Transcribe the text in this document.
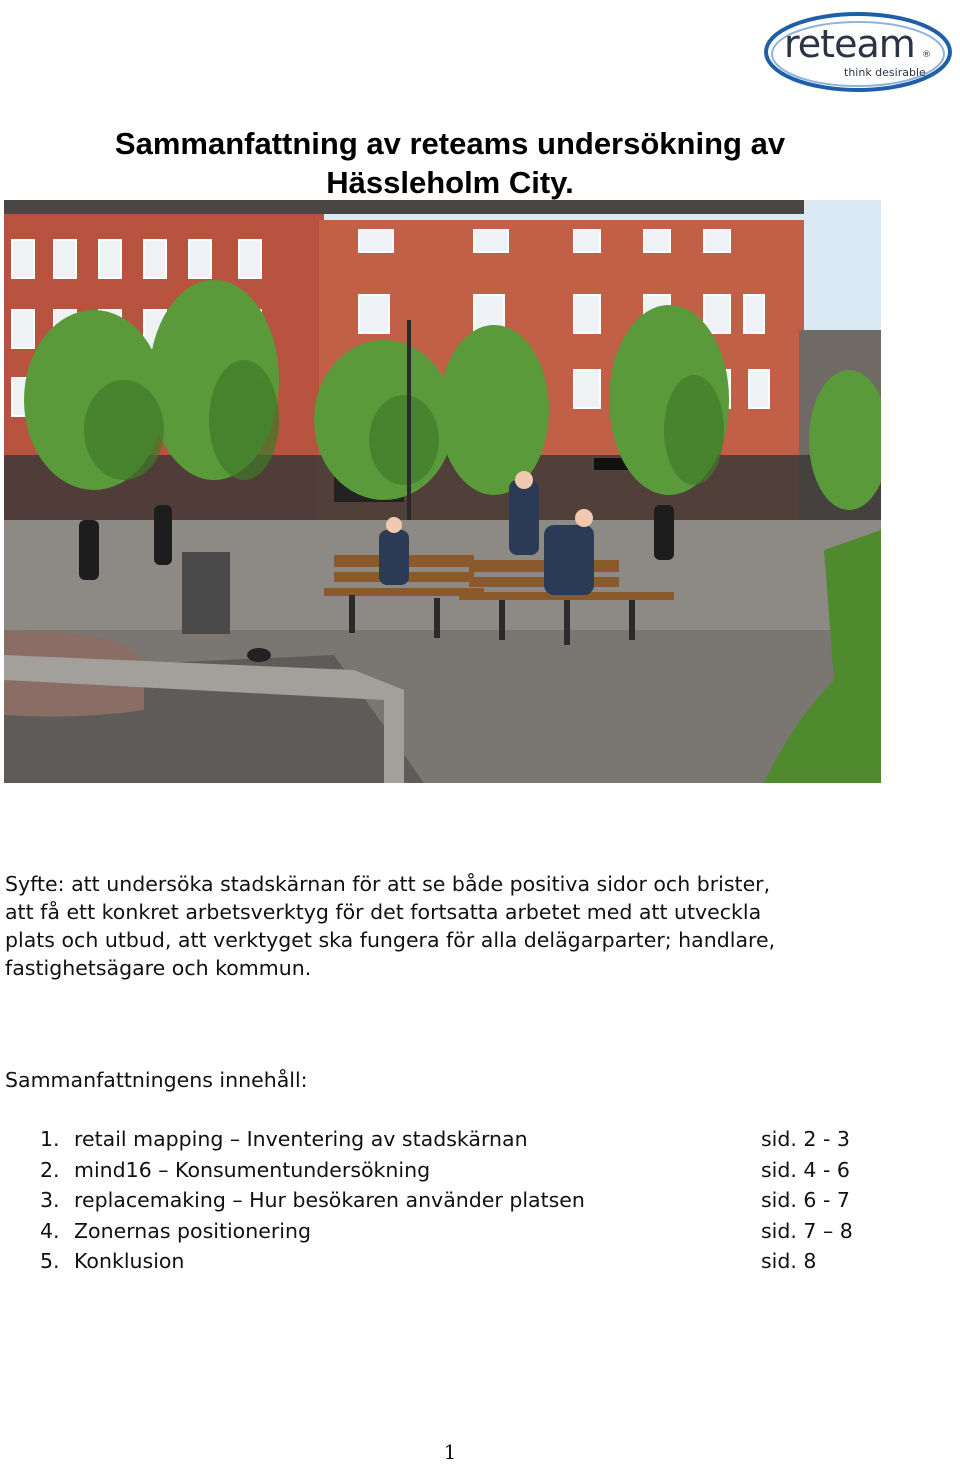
reteam ®
think desirable
Sammanfattning av reteams undersökning av
Hässleholm City.
Syfte: att undersöka stadskärnan för att se både positiva sidor och brister,
att få ett konkret arbetsverktyg för det fortsatta arbetet med att utveckla
plats och utbud, att verktyget ska fungera för alla delägarparter; handlare,
fastighetsägare och kommun.
Sammanfattningens innehåll:
1. retail mapping – Inventering av stadskärnan	sid. 2 - 3
2. mind16 – Konsumentundersökning	sid. 4 - 6
3. replacemaking – Hur besökaren använder platsen	sid. 6 - 7
4. Zonernas positionering	sid. 7 – 8
5. Konklusion	sid. 8
1
